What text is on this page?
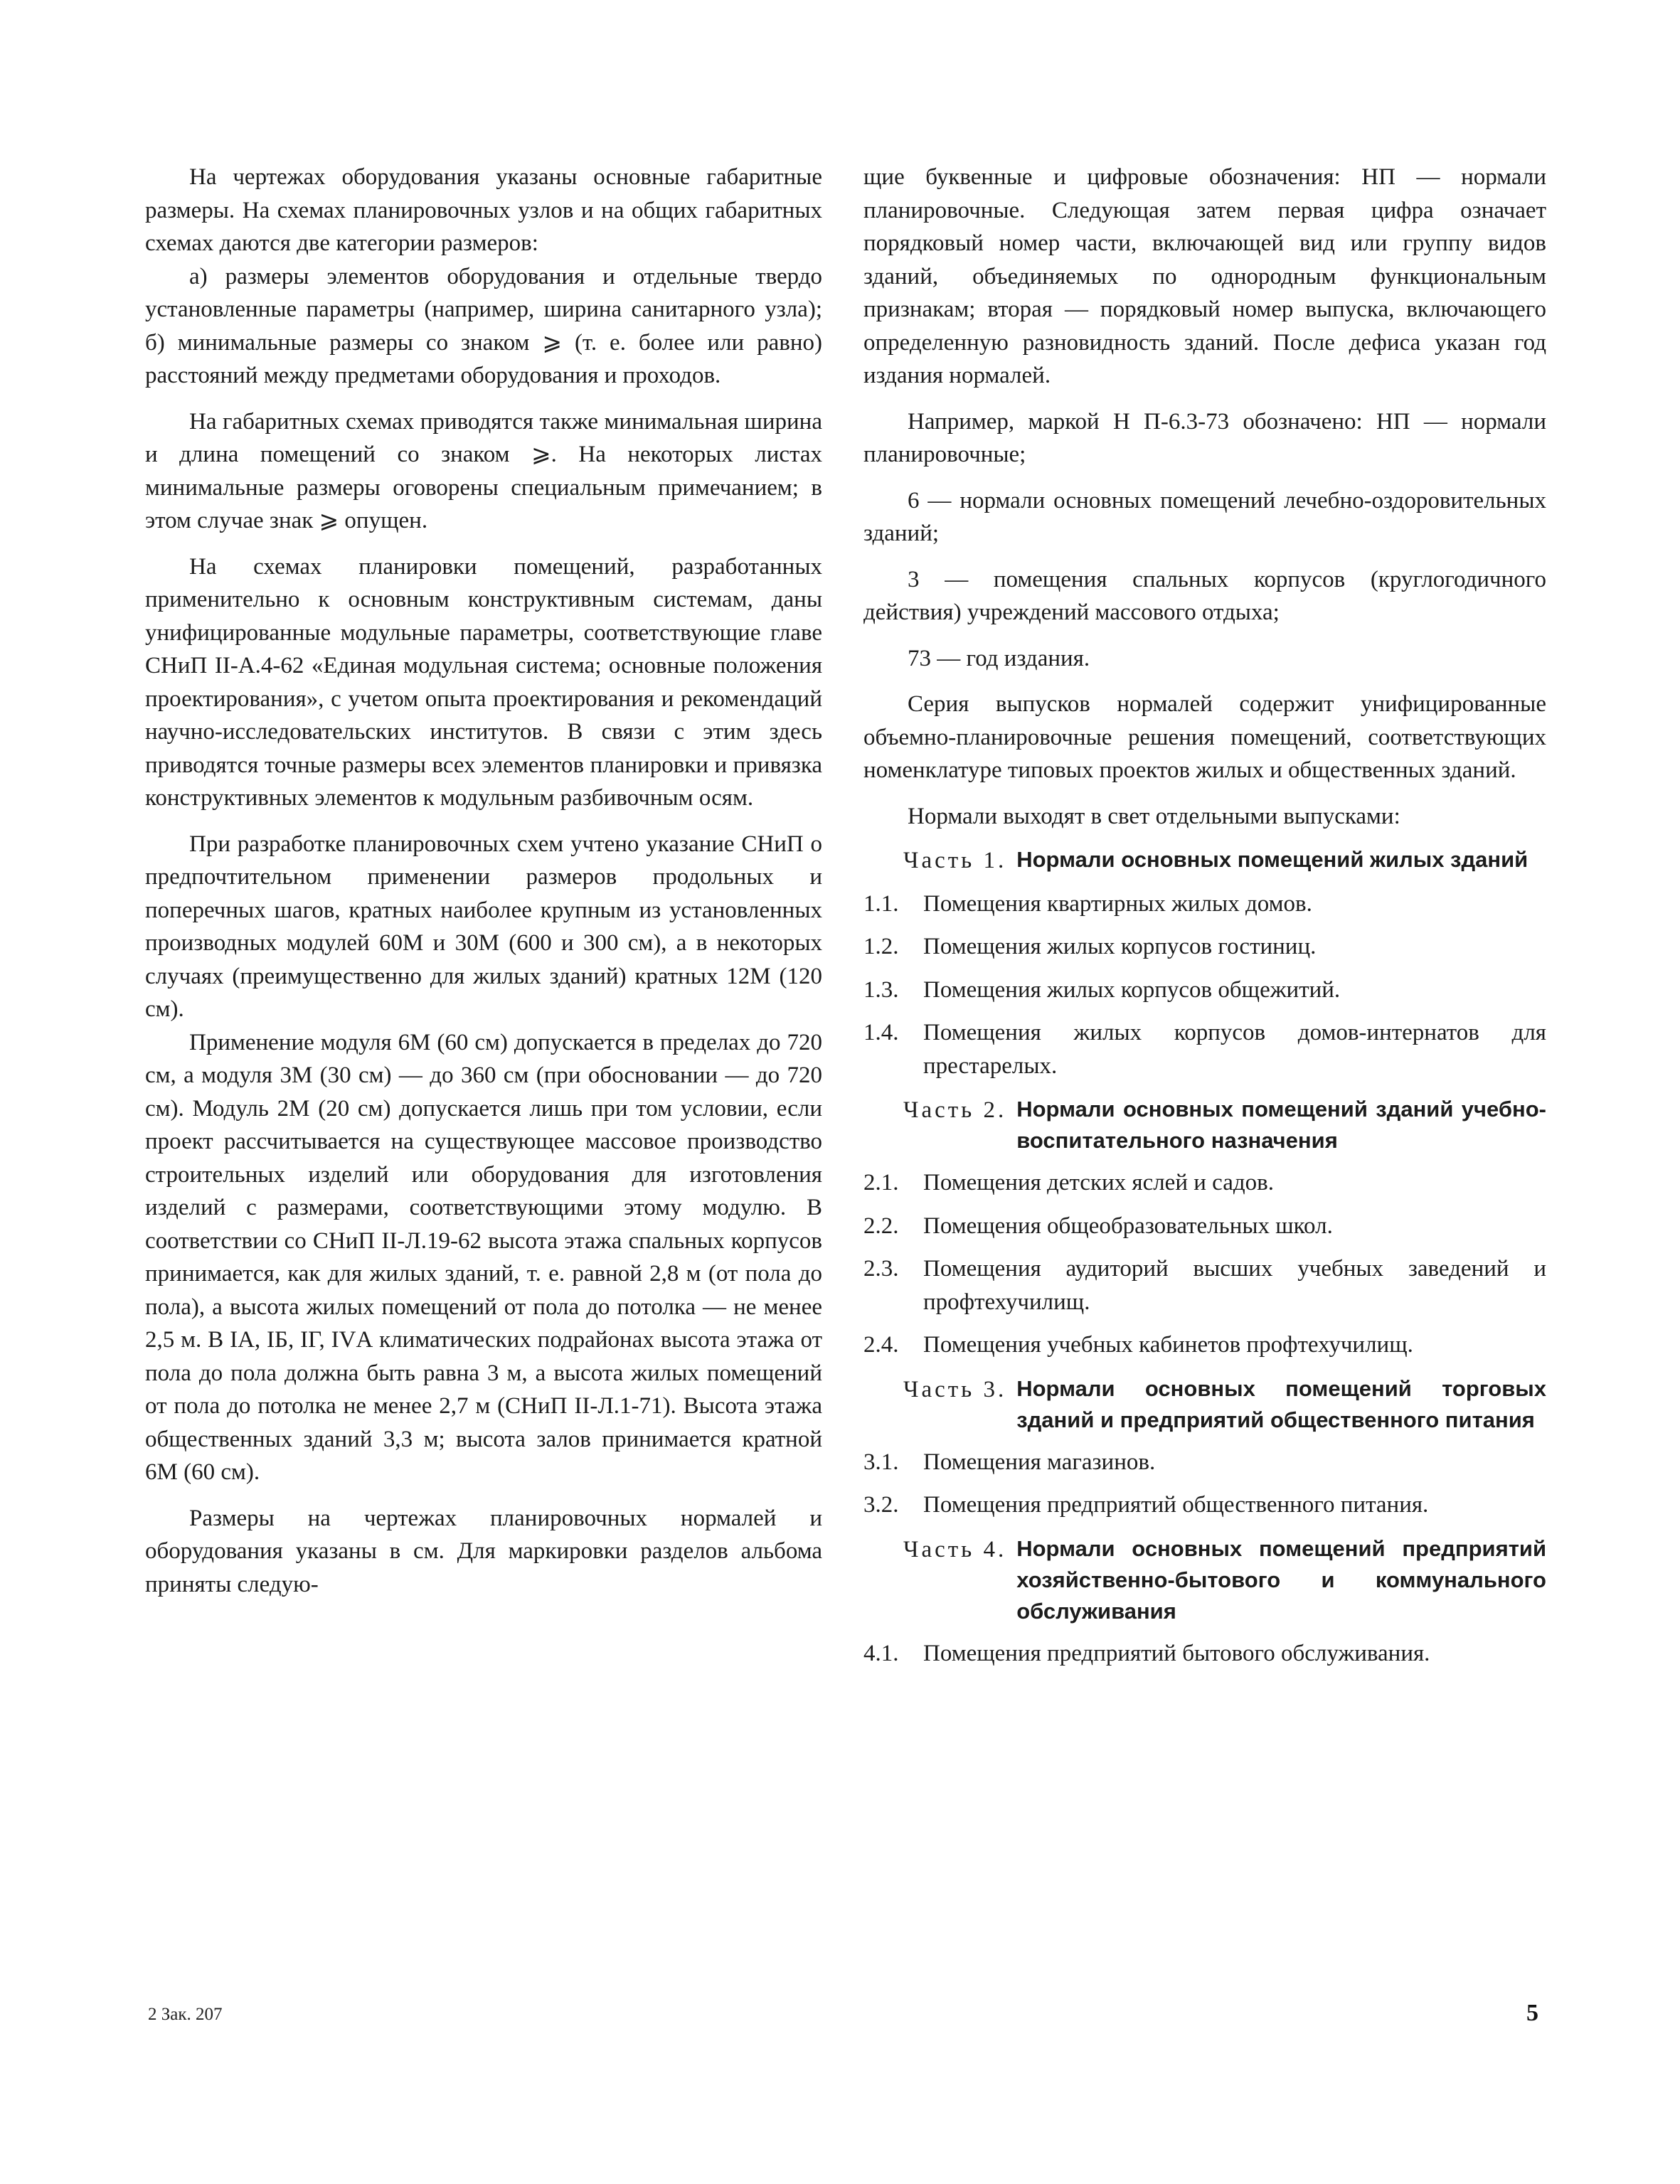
На чертежах оборудования указаны основные габаритные размеры. На схемах планировочных узлов и на общих габаритных схемах даются две категории размеров:

а) размеры элементов оборудования и отдельные твердо установленные параметры (например, ширина санитарного узла); б) минимальные размеры со знаком ⩾ (т. е. более или равно) расстояний между предметами оборудования и проходов.

На габаритных схемах приводятся также минимальная ширина и длина помещений со знаком ⩾. На некоторых листах минимальные размеры оговорены специальным примечанием; в этом случае знак ⩾ опущен.

На схемах планировки помещений, разработанных применительно к основным конструктивным системам, даны унифицированные модульные параметры, соответствующие главе СНиП II-А.4-62 «Единая модульная система; основные положения проектирования», с учетом опыта проектирования и рекомендаций научно-исследовательских институтов. В связи с этим здесь приводятся точные размеры всех элементов планировки и привязка конструктивных элементов к модульным разбивочным осям.

При разработке планировочных схем учтено указание СНиП о предпочтительном применении размеров продольных и поперечных шагов, кратных наиболее крупным из установленных производных модулей 60М и 30М (600 и 300 см), а в некоторых случаях (преимущественно для жилых зданий) кратных 12М (120 см).

Применение модуля 6М (60 см) допускается в пределах до 720 см, а модуля 3М (30 см) — до 360 см (при обосновании — до 720 см). Модуль 2М (20 см) допускается лишь при том условии, если проект рассчитывается на существующее массовое производство строительных изделий или оборудования для изготовления изделий с размерами, соответствующими этому модулю. В соответствии со СНиП II-Л.19-62 высота этажа спальных корпусов принимается, как для жилых зданий, т. е. равной 2,8 м (от пола до пола), а высота жилых помещений от пола до потолка — не менее 2,5 м. В IА, IБ, IГ, IVА климатических подрайонах высота этажа от пола до пола должна быть равна 3 м, а высота жилых помещений от пола до потолка не менее 2,7 м (СНиП II-Л.1-71). Высота этажа общественных зданий 3,3 м; высота залов принимается кратной 6М (60 см).

Размеры на чертежах планировочных нормалей и оборудования указаны в см. Для маркировки разделов альбома приняты следую-

щие буквенные и цифровые обозначения: НП — нормали планировочные. Следующая затем первая цифра означает порядковый номер части, включающей вид или группу видов зданий, объединяемых по однородным функциональным признакам; вторая — порядковый номер выпуска, включающего определенную разновидность зданий. После дефиса указан год издания нормалей.

Например, маркой Н П-6.3-73 обозначено: НП — нормали планировочные;

6 — нормали основных помещений лечебно-оздоровительных зданий;

3 — помещения спальных корпусов (круглогодичного действия) учреждений массового отдыха;

73 — год издания.

Серия выпусков нормалей содержит унифицированные объемно-планировочные решения помещений, соответствующих номенклатуре типовых проектов жилых и общественных зданий.

Нормали выходят в свет отдельными выпусками:

Часть 1. Нормали основных помещений жилых зданий
1.1.	Помещения квартирных жилых домов.
1.2.	Помещения жилых корпусов гостиниц.
1.3.	Помещения жилых корпусов общежитий.
1.4.	Помещения жилых корпусов домов-интернатов для престарелых.
Часть 2. Нормали основных помещений зданий учебно-воспитательного назначения
2.1.	Помещения детских яслей и садов.
2.2.	Помещения общеобразовательных школ.
2.3.	Помещения аудиторий высших учебных заведений и профтехучилищ.
2.4.	Помещения учебных кабинетов профтехучилищ.
Часть 3. Нормали основных помещений торговых зданий и предприятий общественного питания
3.1.	Помещения магазинов.
3.2.	Помещения предприятий общественного питания.
Часть 4. Нормали основных помещений предприятий хозяйственно-бытового и коммунального обслуживания
4.1.	Помещения предприятий бытового обслуживания.
2 Зак. 207	5
